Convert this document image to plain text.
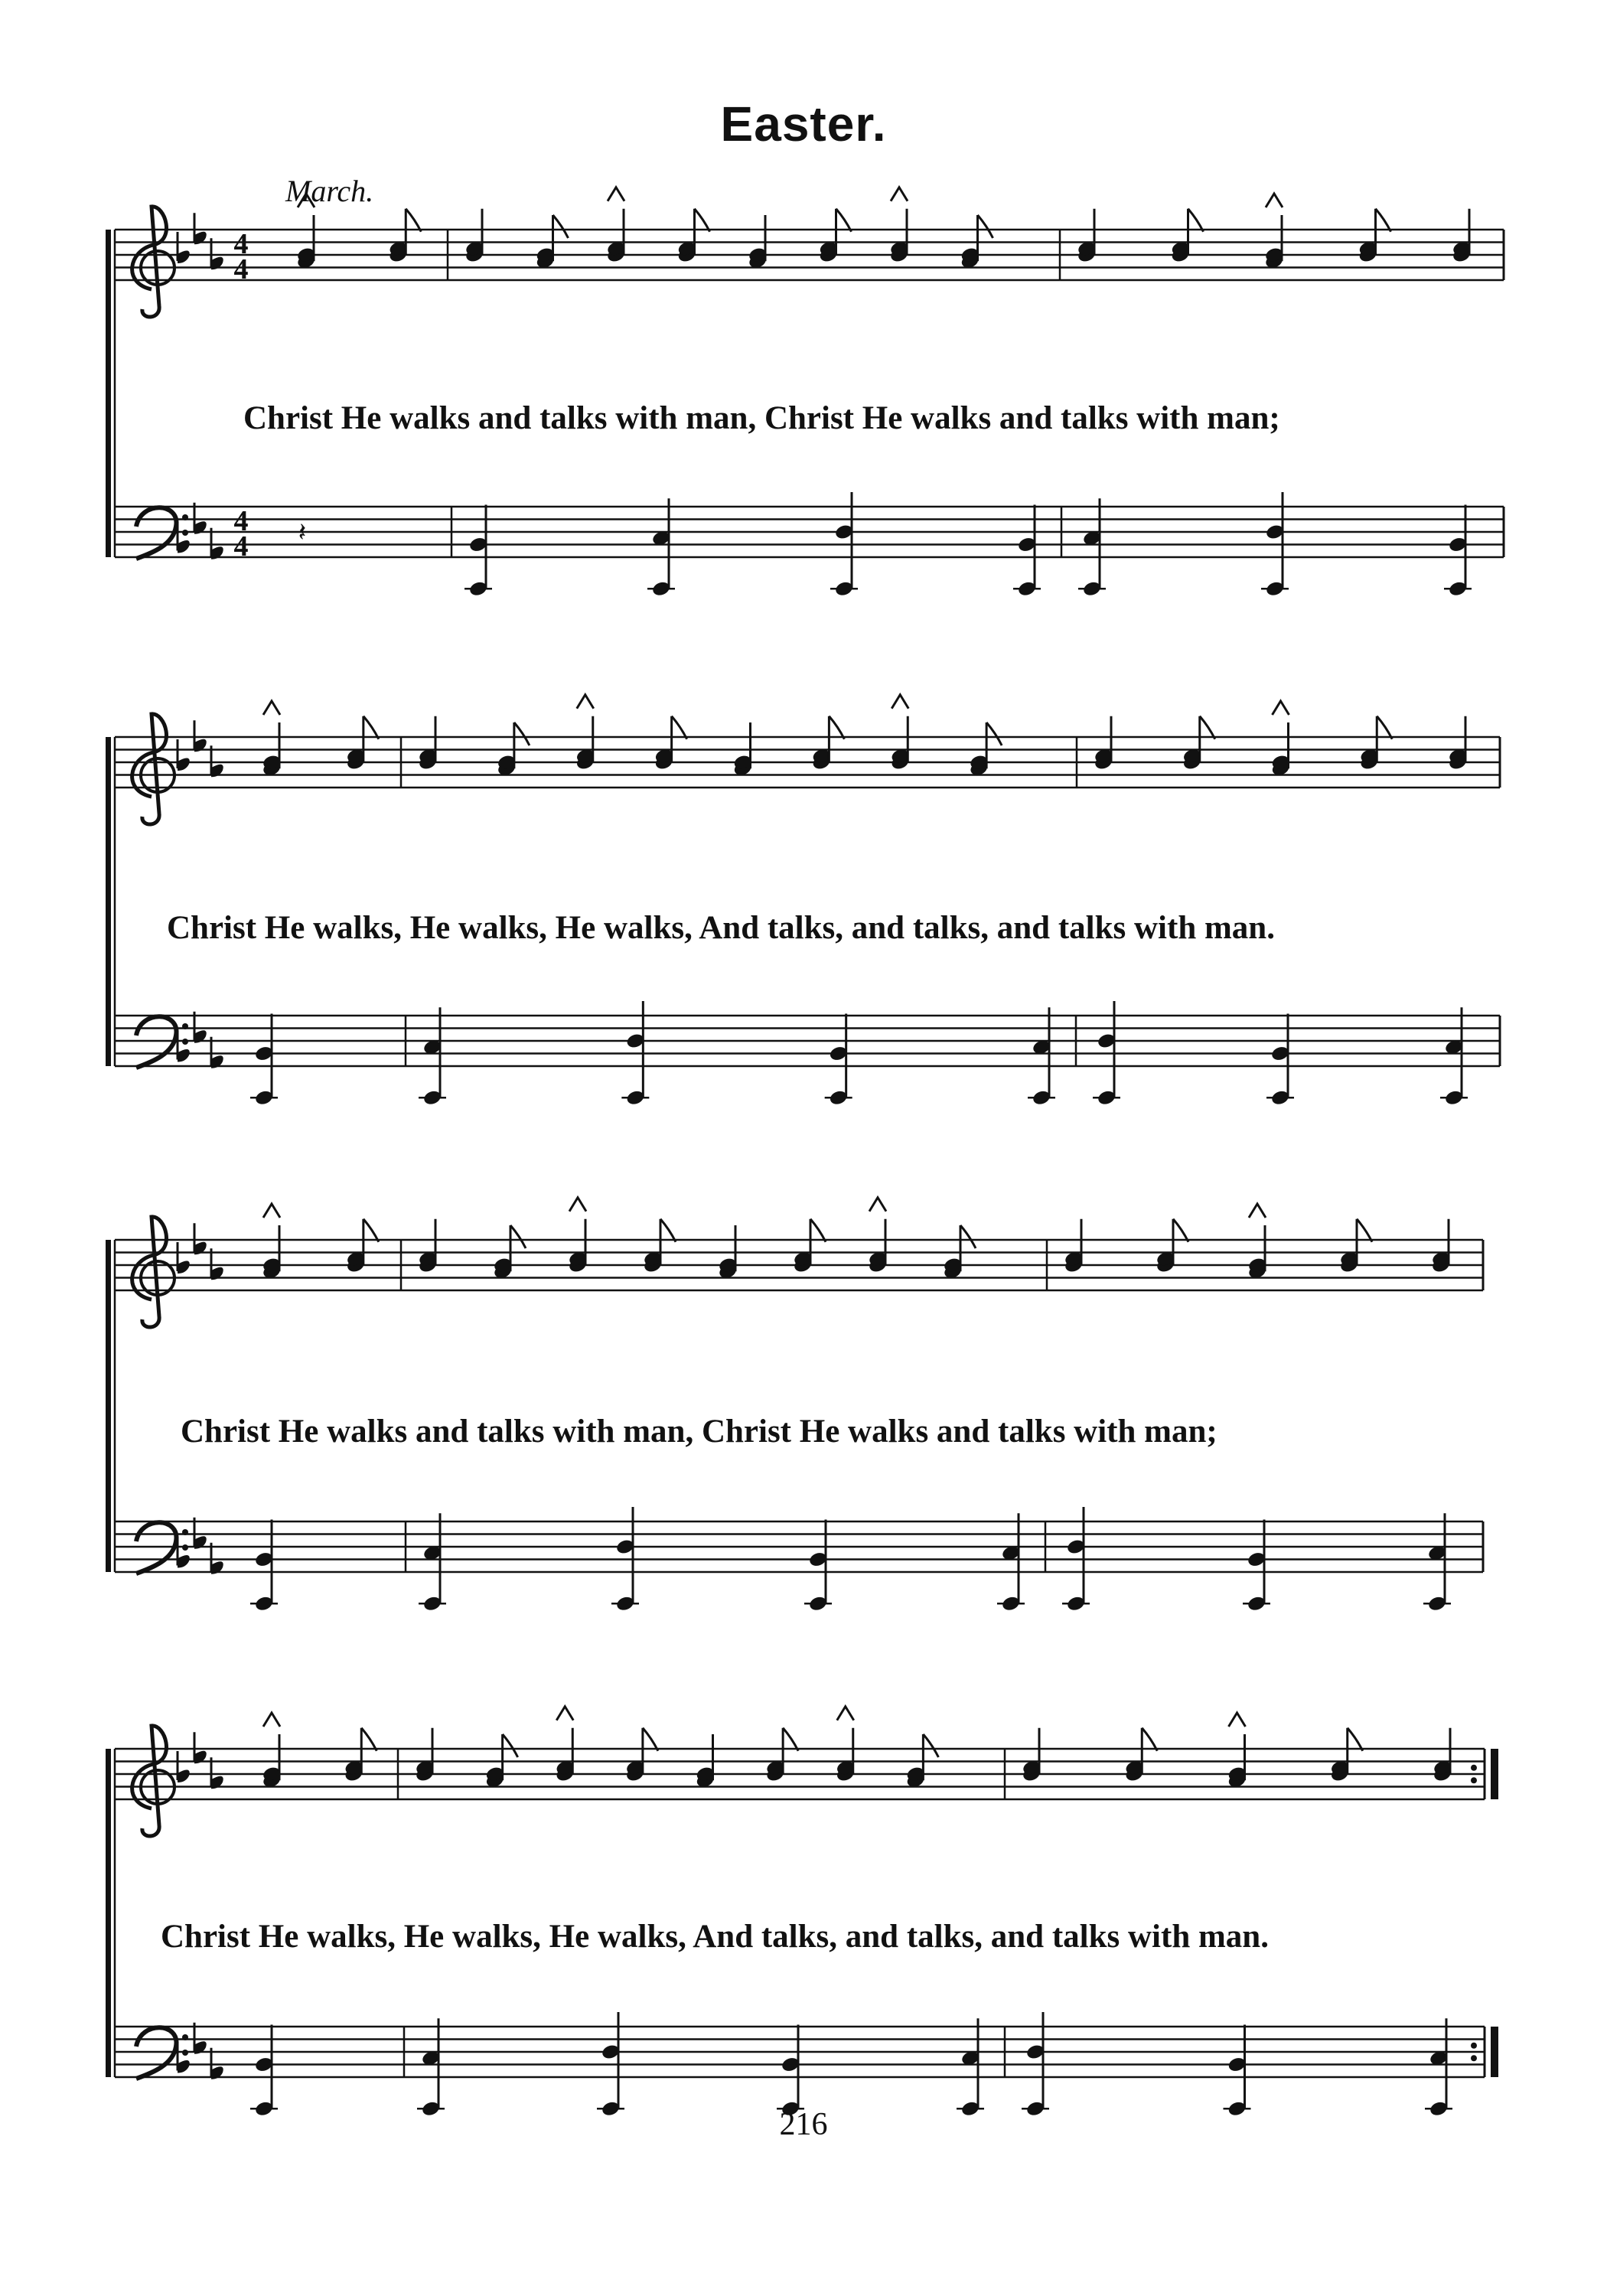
Easter.
March.
4
4
4
4 𝄽
Christ He walks and talks with man, Christ He walks and talks with man;
Christ He walks, He walks, He walks, And talks, and talks, and talks with man.
Christ He walks and talks with man, Christ He walks and talks with man;
Christ He walks, He walks, He walks, And talks, and talks, and talks with man.
216
